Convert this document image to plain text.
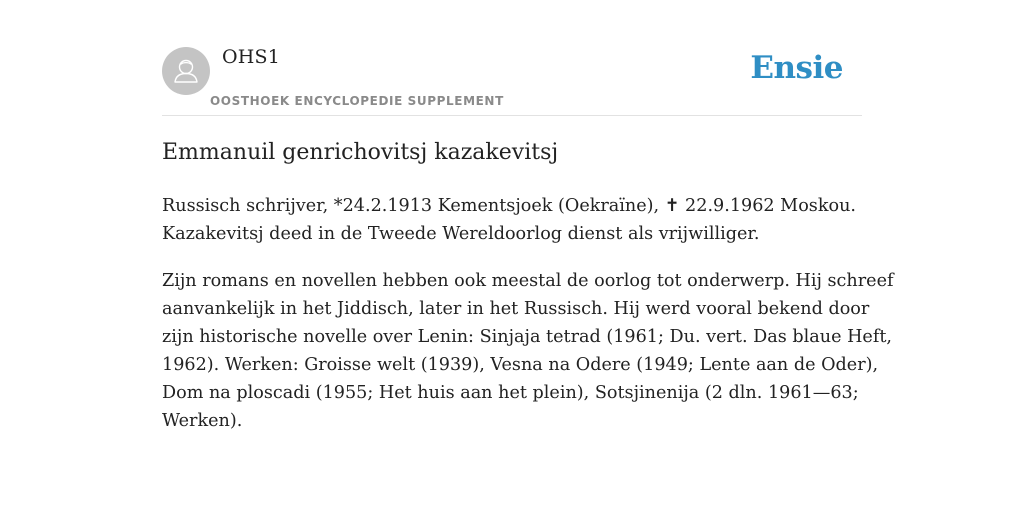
OHS1
OOSTHOEK ENCYCLOPEDIE SUPPLEMENT
Ensie
Emmanuil genrichovitsj kazakevitsj

Russisch schrijver, *24.2.1913 Kementsjoek (Oekraïne), ✝ 22.9.1962 Moskou.
Kazakevitsj deed in de Tweede Wereldoorlog dienst als vrijwilliger.

Zijn romans en novellen hebben ook meestal de oorlog tot onderwerp. Hij schreef
aanvankelijk in het Jiddisch, later in het Russisch. Hij werd vooral bekend door
zijn historische novelle over Lenin: Sinjaja tetrad (1961; Du. vert. Das blaue Heft,
1962). Werken: Groisse welt (1939), Vesna na Odere (1949; Lente aan de Oder),
Dom na ploscadi (1955; Het huis aan het plein), Sotsjinenija (2 dln. 1961—63;
Werken).
